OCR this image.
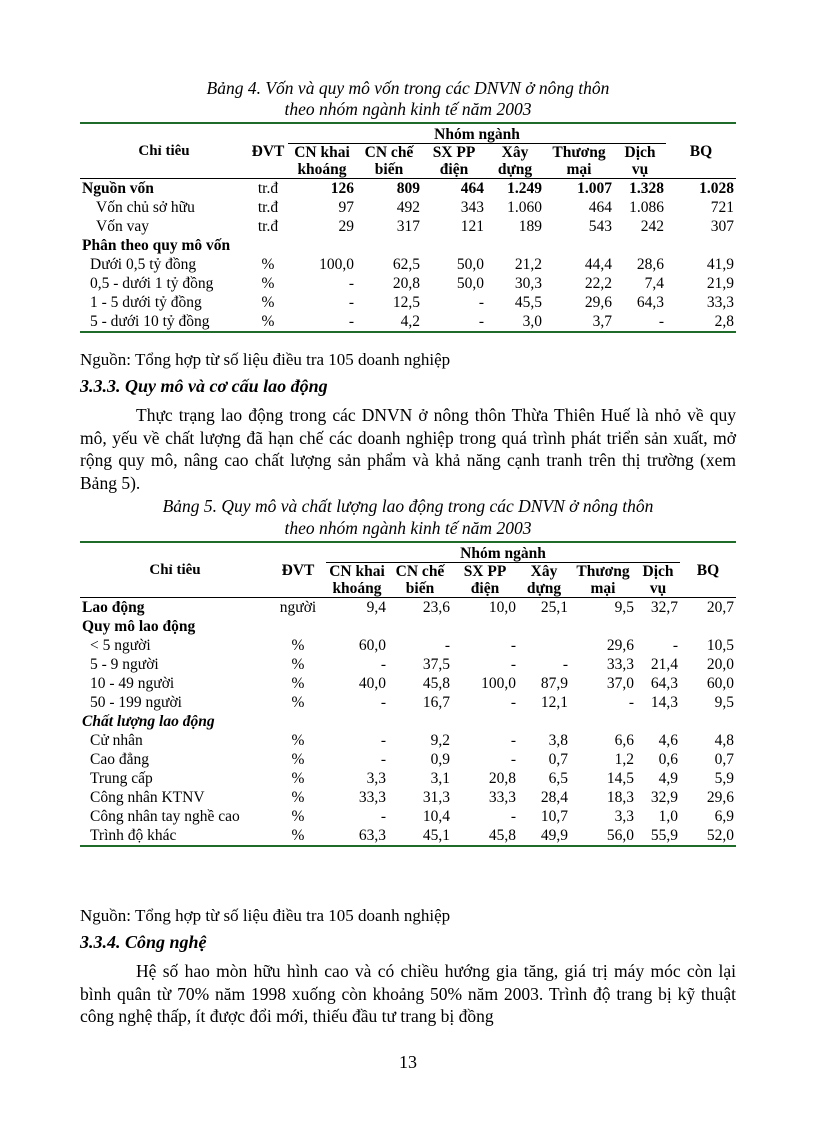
Bảng 4. Vốn và quy mô vốn trong các DNVN ở nông thôn
theo nhóm ngành kinh tế năm 2003
Chỉ tiêu	ĐVT	Nhóm ngành						BQ
		CN khai khoáng	CN chế biến	SX PP điện	Xây dựng	Thương mại	Dịch vụ	
Nguồn vốn	tr.đ	126	809	464	1.249	1.007	1.328	1.028
Vốn chủ sở hữu	tr.đ	97	492	343	1.060	464	1.086	721
Vốn vay	tr.đ	29	317	121	189	543	242	307
Phân theo quy mô vốn								
Dưới 0,5 tỷ đồng	%	100,0	62,5	50,0	21,2	44,4	28,6	41,9
0,5 - dưới 1 tỷ đồng	%	-	20,8	50,0	30,3	22,2	7,4	21,9
1 - 5 dưới tỷ đồng	%	-	12,5	-	45,5	29,6	64,3	33,3
5 - dưới 10 tỷ đồng	%	-	4,2	-	3,0	3,7	-	2,8
Nguồn: Tổng hợp từ số liệu điều tra 105 doanh nghiệp
3.3.3. Quy mô và cơ cấu lao động
Thực trạng lao động trong các DNVN ở nông thôn Thừa Thiên Huế là nhỏ về quy mô, yếu về chất lượng đã hạn chế các doanh nghiệp trong quá trình phát triển sản xuất, mở rộng quy mô, nâng cao chất lượng sản phẩm và khả năng cạnh tranh trên thị trường (xem Bảng 5).
Bảng 5. Quy mô và chất lượng lao động trong các DNVN ở nông thôn
theo nhóm ngành kinh tế năm 2003
Chỉ tiêu	ĐVT	Nhóm ngành						BQ
		CN khai khoáng	CN chế biến	SX PP điện	Xây dựng	Thương mại	Dịch vụ	
Lao động	người	9,4	23,6	10,0	25,1	9,5	32,7	20,7
Quy mô lao động								
< 5 người	%	60,0	-	-		29,6	-	10,5
5 - 9 người	%	-	37,5	-	-	33,3	21,4	20,0
10 - 49 người	%	40,0	45,8	100,0	87,9	37,0	64,3	60,0
50 - 199 người	%	-	16,7	-	12,1	-	14,3	9,5
Chất lượng lao động								
Cử nhân	%	-	9,2	-	3,8	6,6	4,6	4,8
Cao đẳng	%	-	0,9	-	0,7	1,2	0,6	0,7
Trung cấp	%	3,3	3,1	20,8	6,5	14,5	4,9	5,9
Công nhân KTNV	%	33,3	31,3	33,3	28,4	18,3	32,9	29,6
Công nhân tay nghề cao	%	-	10,4	-	10,7	3,3	1,0	6,9
Trình độ khác	%	63,3	45,1	45,8	49,9	56,0	55,9	52,0
Nguồn: Tổng hợp từ số liệu điều tra 105 doanh nghiệp
3.3.4. Công nghệ
Hệ số hao mòn hữu hình cao và có chiều hướng gia tăng, giá trị máy móc còn lại bình quân từ 70% năm 1998 xuống còn khoảng 50% năm 2003. Trình độ trang bị kỹ thuật công nghệ thấp, ít được đổi mới, thiếu đầu tư trang bị đồng
13
